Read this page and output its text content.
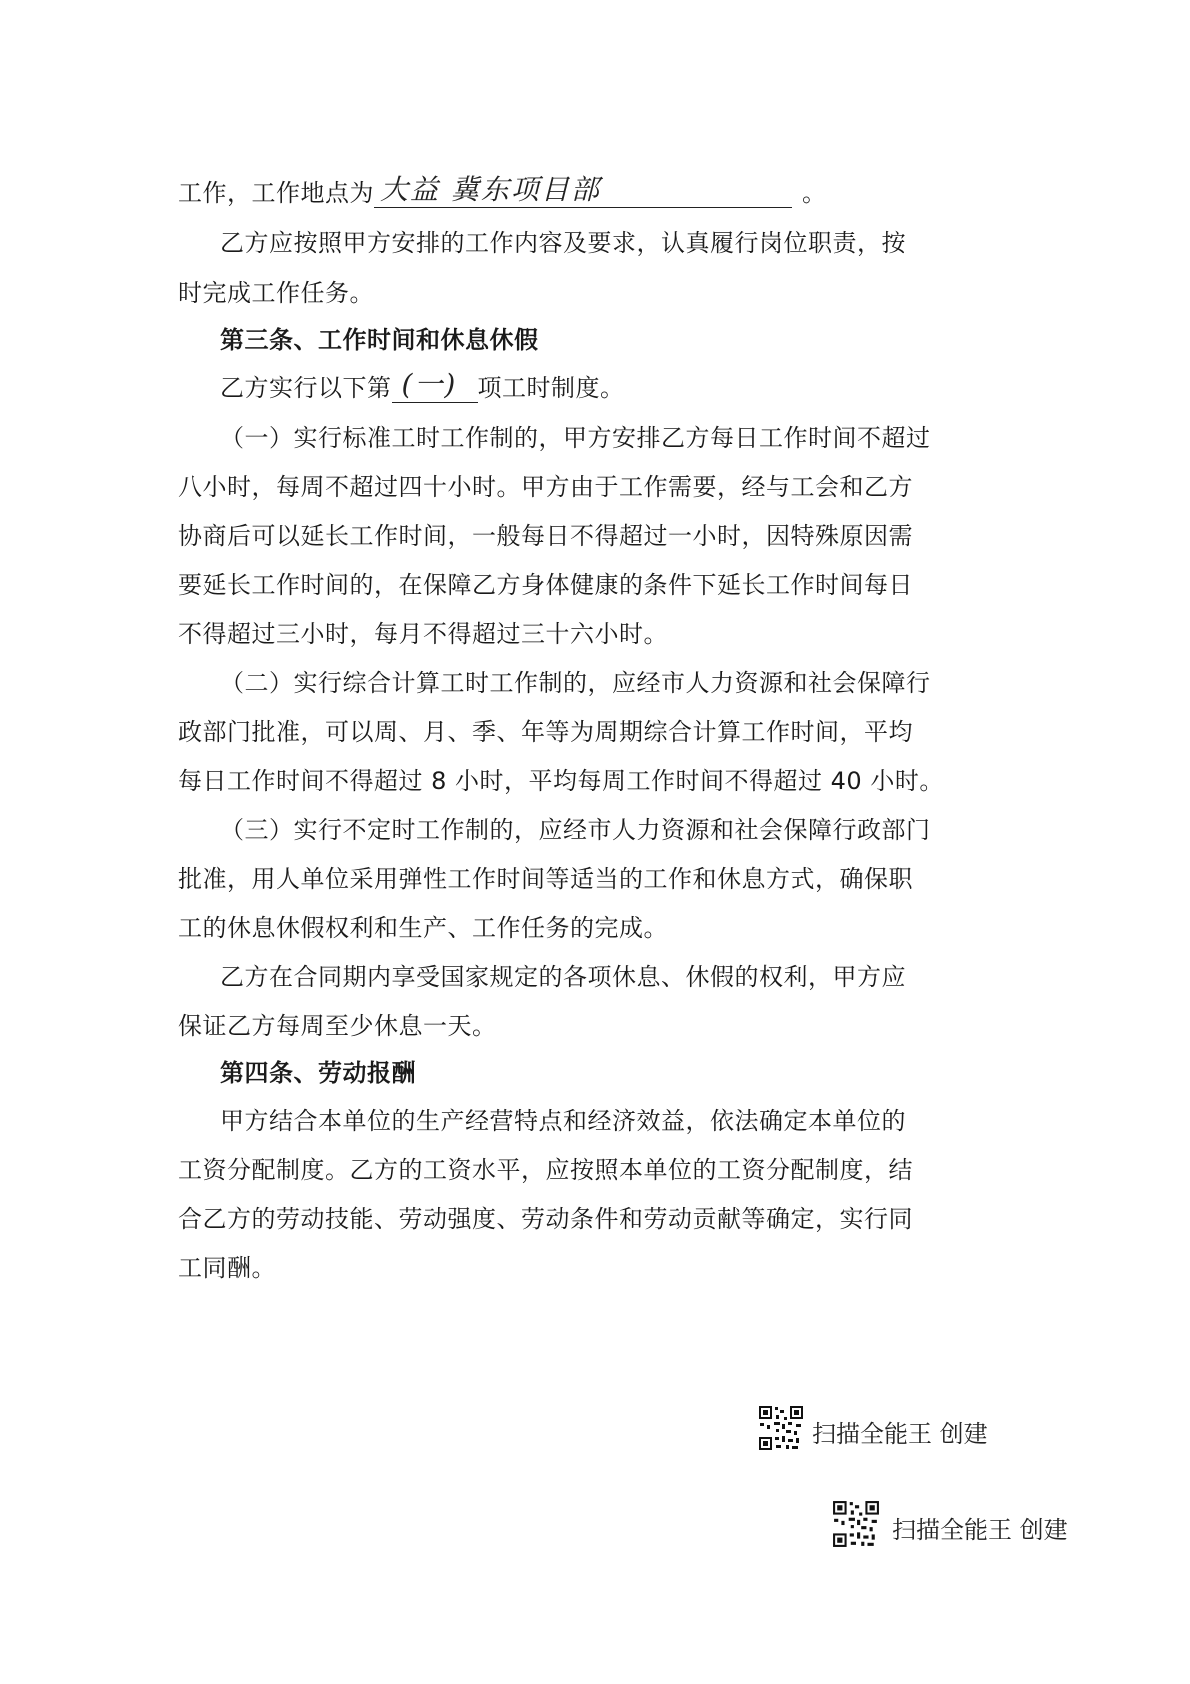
工作，工作地点为 大益 冀东项目部	。
乙方应按照甲方安排的工作内容及要求，认真履行岗位职责，按
时完成工作任务。
第三条、工作时间和休息休假
乙方实行以下第 (一) 项工时制度。
（一）实行标准工时工作制的，甲方安排乙方每日工作时间不超过
八小时，每周不超过四十小时。甲方由于工作需要，经与工会和乙方
协商后可以延长工作时间，一般每日不得超过一小时，因特殊原因需
要延长工作时间的，在保障乙方身体健康的条件下延长工作时间每日
不得超过三小时，每月不得超过三十六小时。
（二）实行综合计算工时工作制的，应经市人力资源和社会保障行
政部门批准，可以周、月、季、年等为周期综合计算工作时间，平均
每日工作时间不得超过 8 小时，平均每周工作时间不得超过 40 小时。
（三）实行不定时工作制的，应经市人力资源和社会保障行政部门
批准，用人单位采用弹性工作时间等适当的工作和休息方式，确保职
工的休息休假权利和生产、工作任务的完成。
乙方在合同期内享受国家规定的各项休息、休假的权利，甲方应
保证乙方每周至少休息一天。
第四条、劳动报酬
甲方结合本单位的生产经营特点和经济效益，依法确定本单位的
工资分配制度。乙方的工资水平，应按照本单位的工资分配制度，结
合乙方的劳动技能、劳动强度、劳动条件和劳动贡献等确定，实行同
工同酬。
扫描全能王 创建
扫描全能王 创建
